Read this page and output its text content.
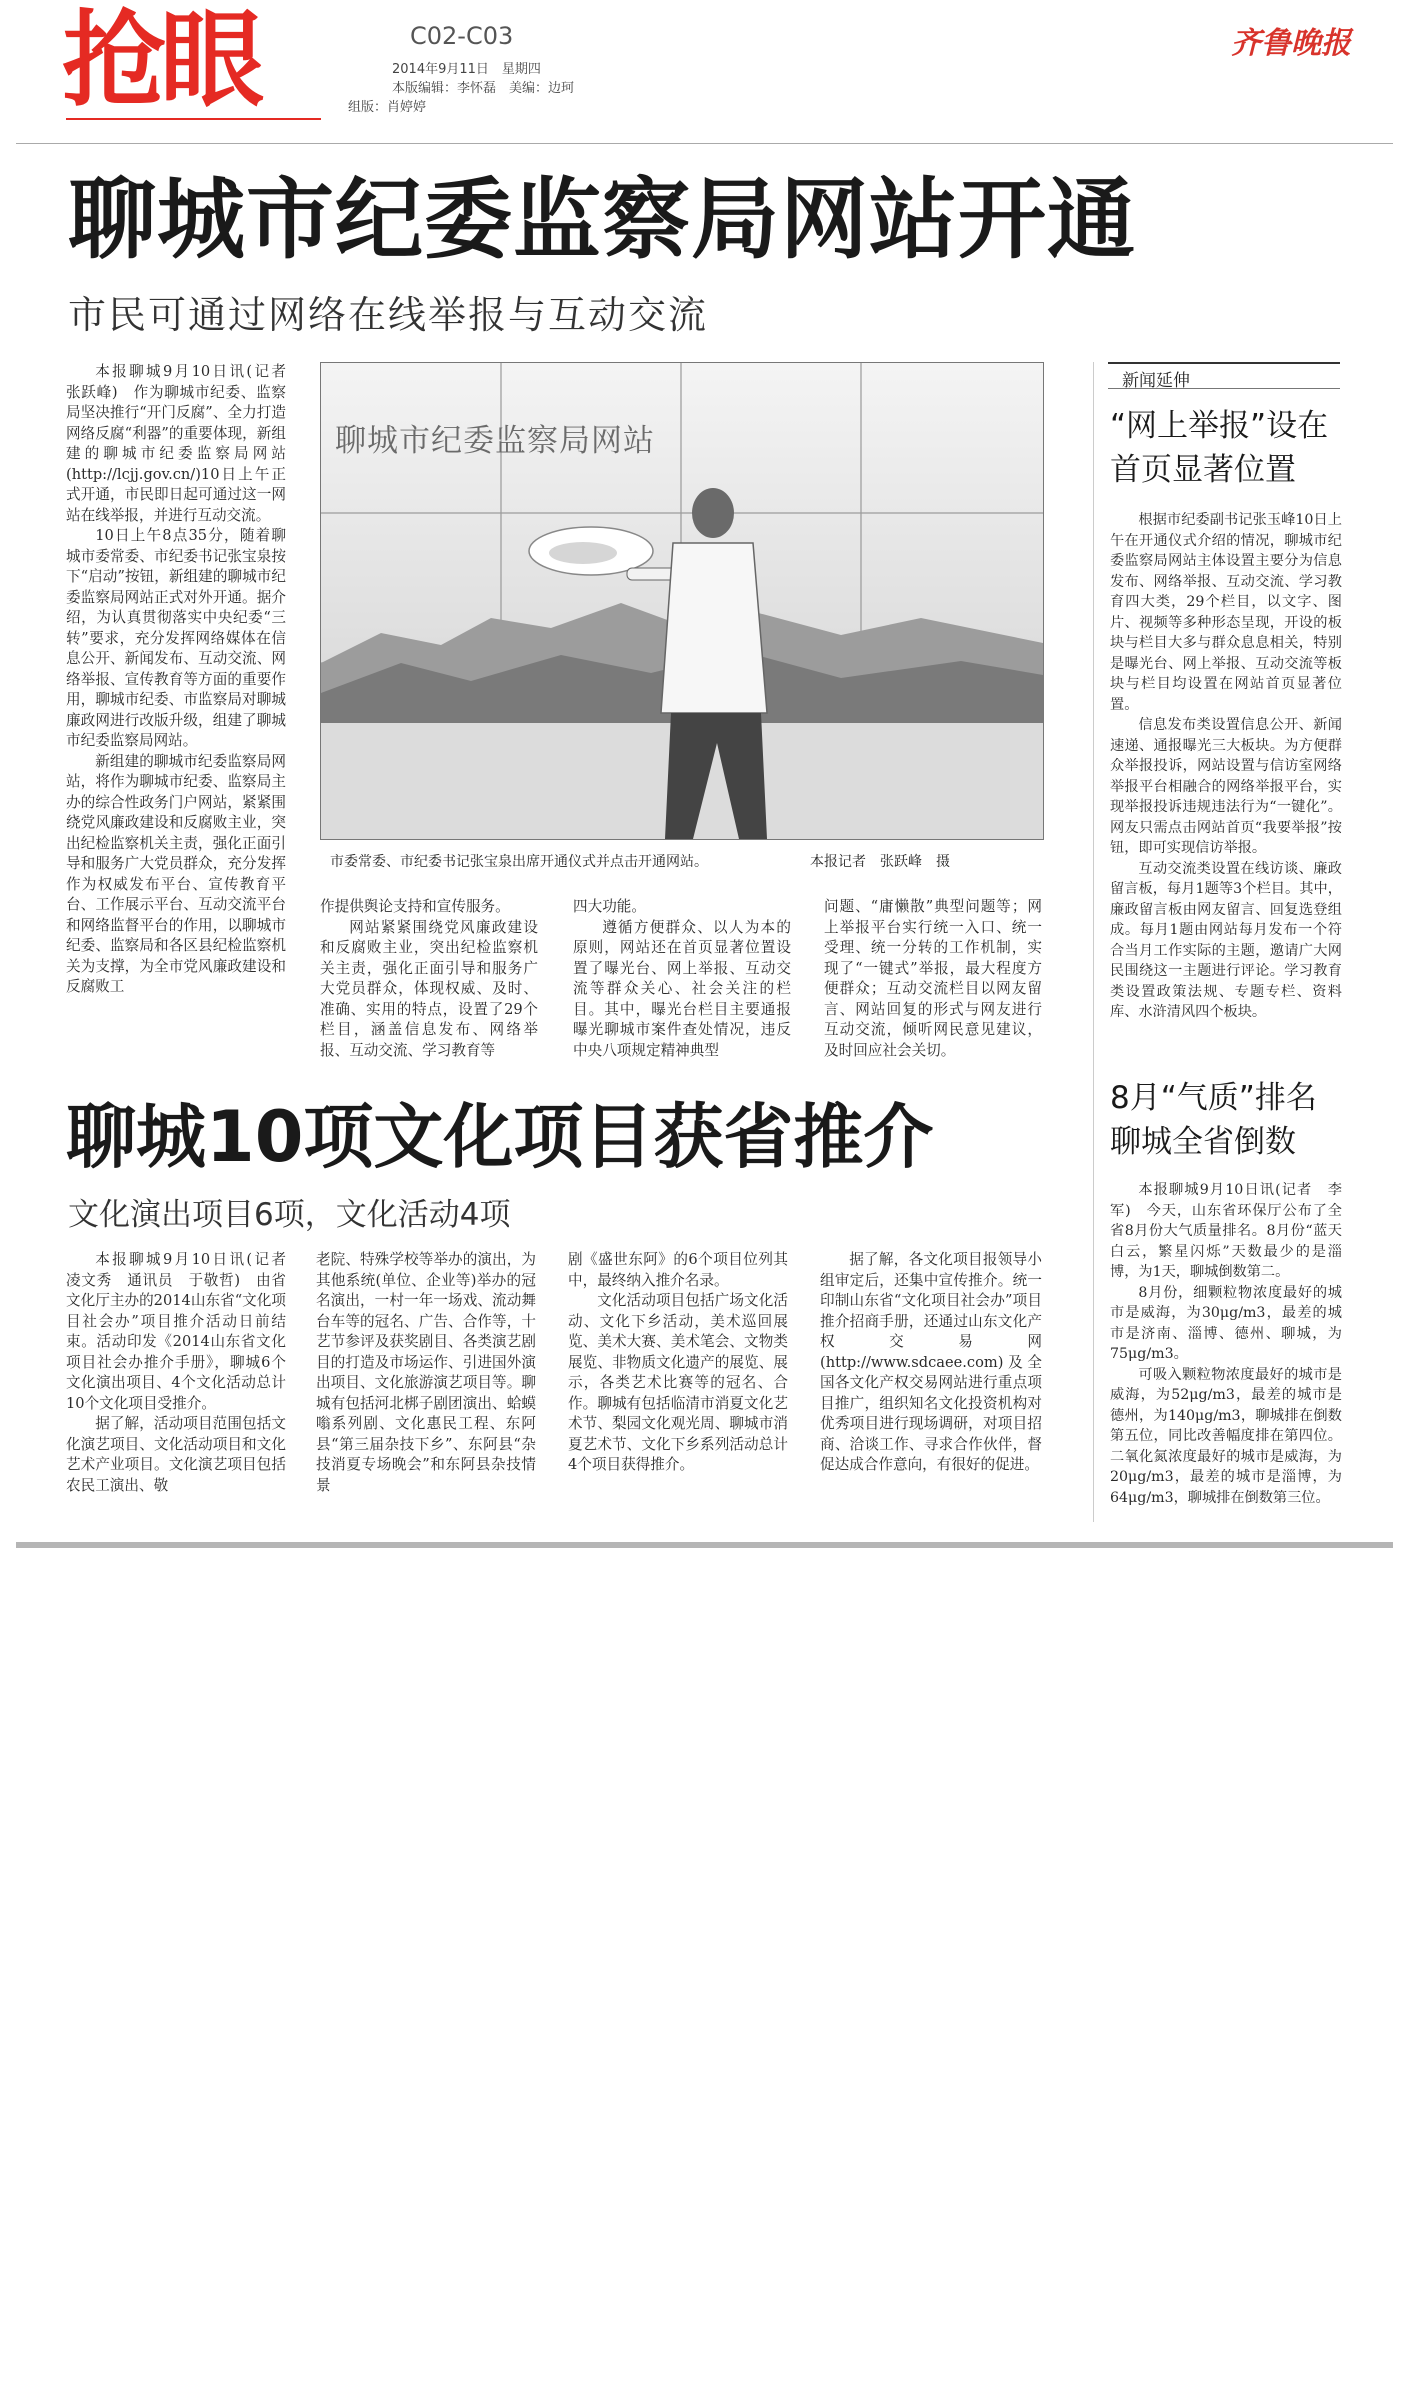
抢眼	C02-C03
2014年9月11日　星期四
本版编辑：李怀磊　美编：边珂
组版：肖婷婷
齐鲁晚报
聊城市纪委监察局网站开通
市民可通过网络在线举报与互动交流

本报聊城9月10日讯(记者　张跃峰)　作为聊城市纪委、监察局坚决推行“开门反腐”、全力打造网络反腐“利器”的重要体现，新组建的聊城市纪委监察局网站(http://lcjj.gov.cn/)10日上午正式开通，市民即日起可通过这一网站在线举报，并进行互动交流。

10日上午8点35分，随着聊城市委常委、市纪委书记张宝泉按下“启动”按钮，新组建的聊城市纪委监察局网站正式对外开通。据介绍，为认真贯彻落实中央纪委“三转”要求，充分发挥网络媒体在信息公开、新闻发布、互动交流、网络举报、宣传教育等方面的重要作用，聊城市纪委、市监察局对聊城廉政网进行改版升级，组建了聊城市纪委监察局网站。

新组建的聊城市纪委监察局网站，将作为聊城市纪委、监察局主办的综合性政务门户网站，紧紧围绕党风廉政建设和反腐败主业，突出纪检监察机关主责，强化正面引导和服务广大党员群众，充分发挥作为权威发布平台、宣传教育平台、工作展示平台、互动交流平台和网络监督平台的作用，以聊城市纪委、监察局和各区县纪检监察机关为支撑，为全市党风廉政建设和反腐败工

聊城市纪委监察局网站
市委常委、市纪委书记张宝泉出席开通仪式并点击开通网站。	本报记者　张跃峰　摄

作提供舆论支持和宣传服务。

网站紧紧围绕党风廉政建设和反腐败主业，突出纪检监察机关主责，强化正面引导和服务广大党员群众，体现权威、及时、准确、实用的特点，设置了29个栏目，涵盖信息发布、网络举报、互动交流、学习教育等

四大功能。

遵循方便群众、以人为本的原则，网站还在首页显著位置设置了曝光台、网上举报、互动交流等群众关心、社会关注的栏目。其中，曝光台栏目主要通报曝光聊城市案件查处情况，违反中央八项规定精神典型

问题、“庸懒散”典型问题等；网上举报平台实行统一入口、统一受理、统一分转的工作机制，实现了“一键式”举报，最大程度方便群众；互动交流栏目以网友留言、网站回复的形式与网友进行互动交流，倾听网民意见建议，及时回应社会关切。

新闻延伸
“网上举报”设在
首页显著位置

根据市纪委副书记张玉峰10日上午在开通仪式介绍的情况，聊城市纪委监察局网站主体设置主要分为信息发布、网络举报、互动交流、学习教育四大类，29个栏目，以文字、图片、视频等多种形态呈现，开设的板块与栏目大多与群众息息相关，特别是曝光台、网上举报、互动交流等板块与栏目均设置在网站首页显著位置。

信息发布类设置信息公开、新闻速递、通报曝光三大板块。为方便群众举报投诉，网站设置与信访室网络举报平台相融合的网络举报平台，实现举报投诉违规违法行为“一键化”。网友只需点击网站首页“我要举报”按钮，即可实现信访举报。

互动交流类设置在线访谈、廉政留言板，每月1题等3个栏目。其中，廉政留言板由网友留言、回复选登组成。每月1题由网站每月发布一个符合当月工作实际的主题，邀请广大网民围绕这一主题进行评论。学习教育类设置政策法规、专题专栏、资料库、水浒清风四个板块。

8月“气质”排名
聊城全省倒数

本报聊城9月10日讯(记者　李军)　今天，山东省环保厅公布了全省8月份大气质量排名。8月份“蓝天白云，繁星闪烁”天数最少的是淄博，为1天，聊城倒数第二。

8月份，细颗粒物浓度最好的城市是威海，为30μg/m3，最差的城市是济南、淄博、德州、聊城，为75μg/m3。

可吸入颗粒物浓度最好的城市是威海，为52μg/m3，最差的城市是德州，为140μg/m3，聊城排在倒数第五位，同比改善幅度排在第四位。二氧化氮浓度最好的城市是威海，为20μg/m3，最差的城市是淄博，为64μg/m3，聊城排在倒数第三位。

聊城10项文化项目获省推介
文化演出项目6项，文化活动4项

本报聊城9月10日讯(记者　凌文秀　通讯员　于敬哲)　由省文化厅主办的2014山东省“文化项目社会办”项目推介活动日前结束。活动印发《2014山东省文化项目社会办推介手册》，聊城6个文化演出项目、4个文化活动总计10个文化项目受推介。

据了解，活动项目范围包括文化演艺项目、文化活动项目和文化艺术产业项目。文化演艺项目包括农民工演出、敬

老院、特殊学校等举办的演出，为其他系统(单位、企业等)举办的冠名演出，一村一年一场戏、流动舞台车等的冠名、广告、合作等，十艺节参评及获奖剧目、各类演艺剧目的打造及市场运作、引进国外演出项目、文化旅游演艺项目等。聊城有包括河北梆子剧团演出、蛤蟆嗡系列剧、文化惠民工程、东阿县“第三届杂技下乡”、东阿县“杂技消夏专场晚会”和东阿县杂技情景

剧《盛世东阿》的6个项目位列其中，最终纳入推介名录。

文化活动项目包括广场文化活动、文化下乡活动，美术巡回展览、美术大赛、美术笔会、文物类展览、非物质文化遗产的展览、展示，各类艺术比赛等的冠名、合作。聊城有包括临清市消夏文化艺术节、梨园文化观光周、聊城市消夏艺术节、文化下乡系列活动总计4个项目获得推介。

据了解，各文化项目报领导小组审定后，还集中宣传推介。统一印制山东省“文化项目社会办”项目推介招商手册，还通过山东文化产权交易网(http://www.sdcaee.com)及全国各文化产权交易网站进行重点项目推广，组织知名文化投资机构对优秀项目进行现场调研，对项目招商、洽谈工作、寻求合作伙伴，督促达成合作意向，有很好的促进。
